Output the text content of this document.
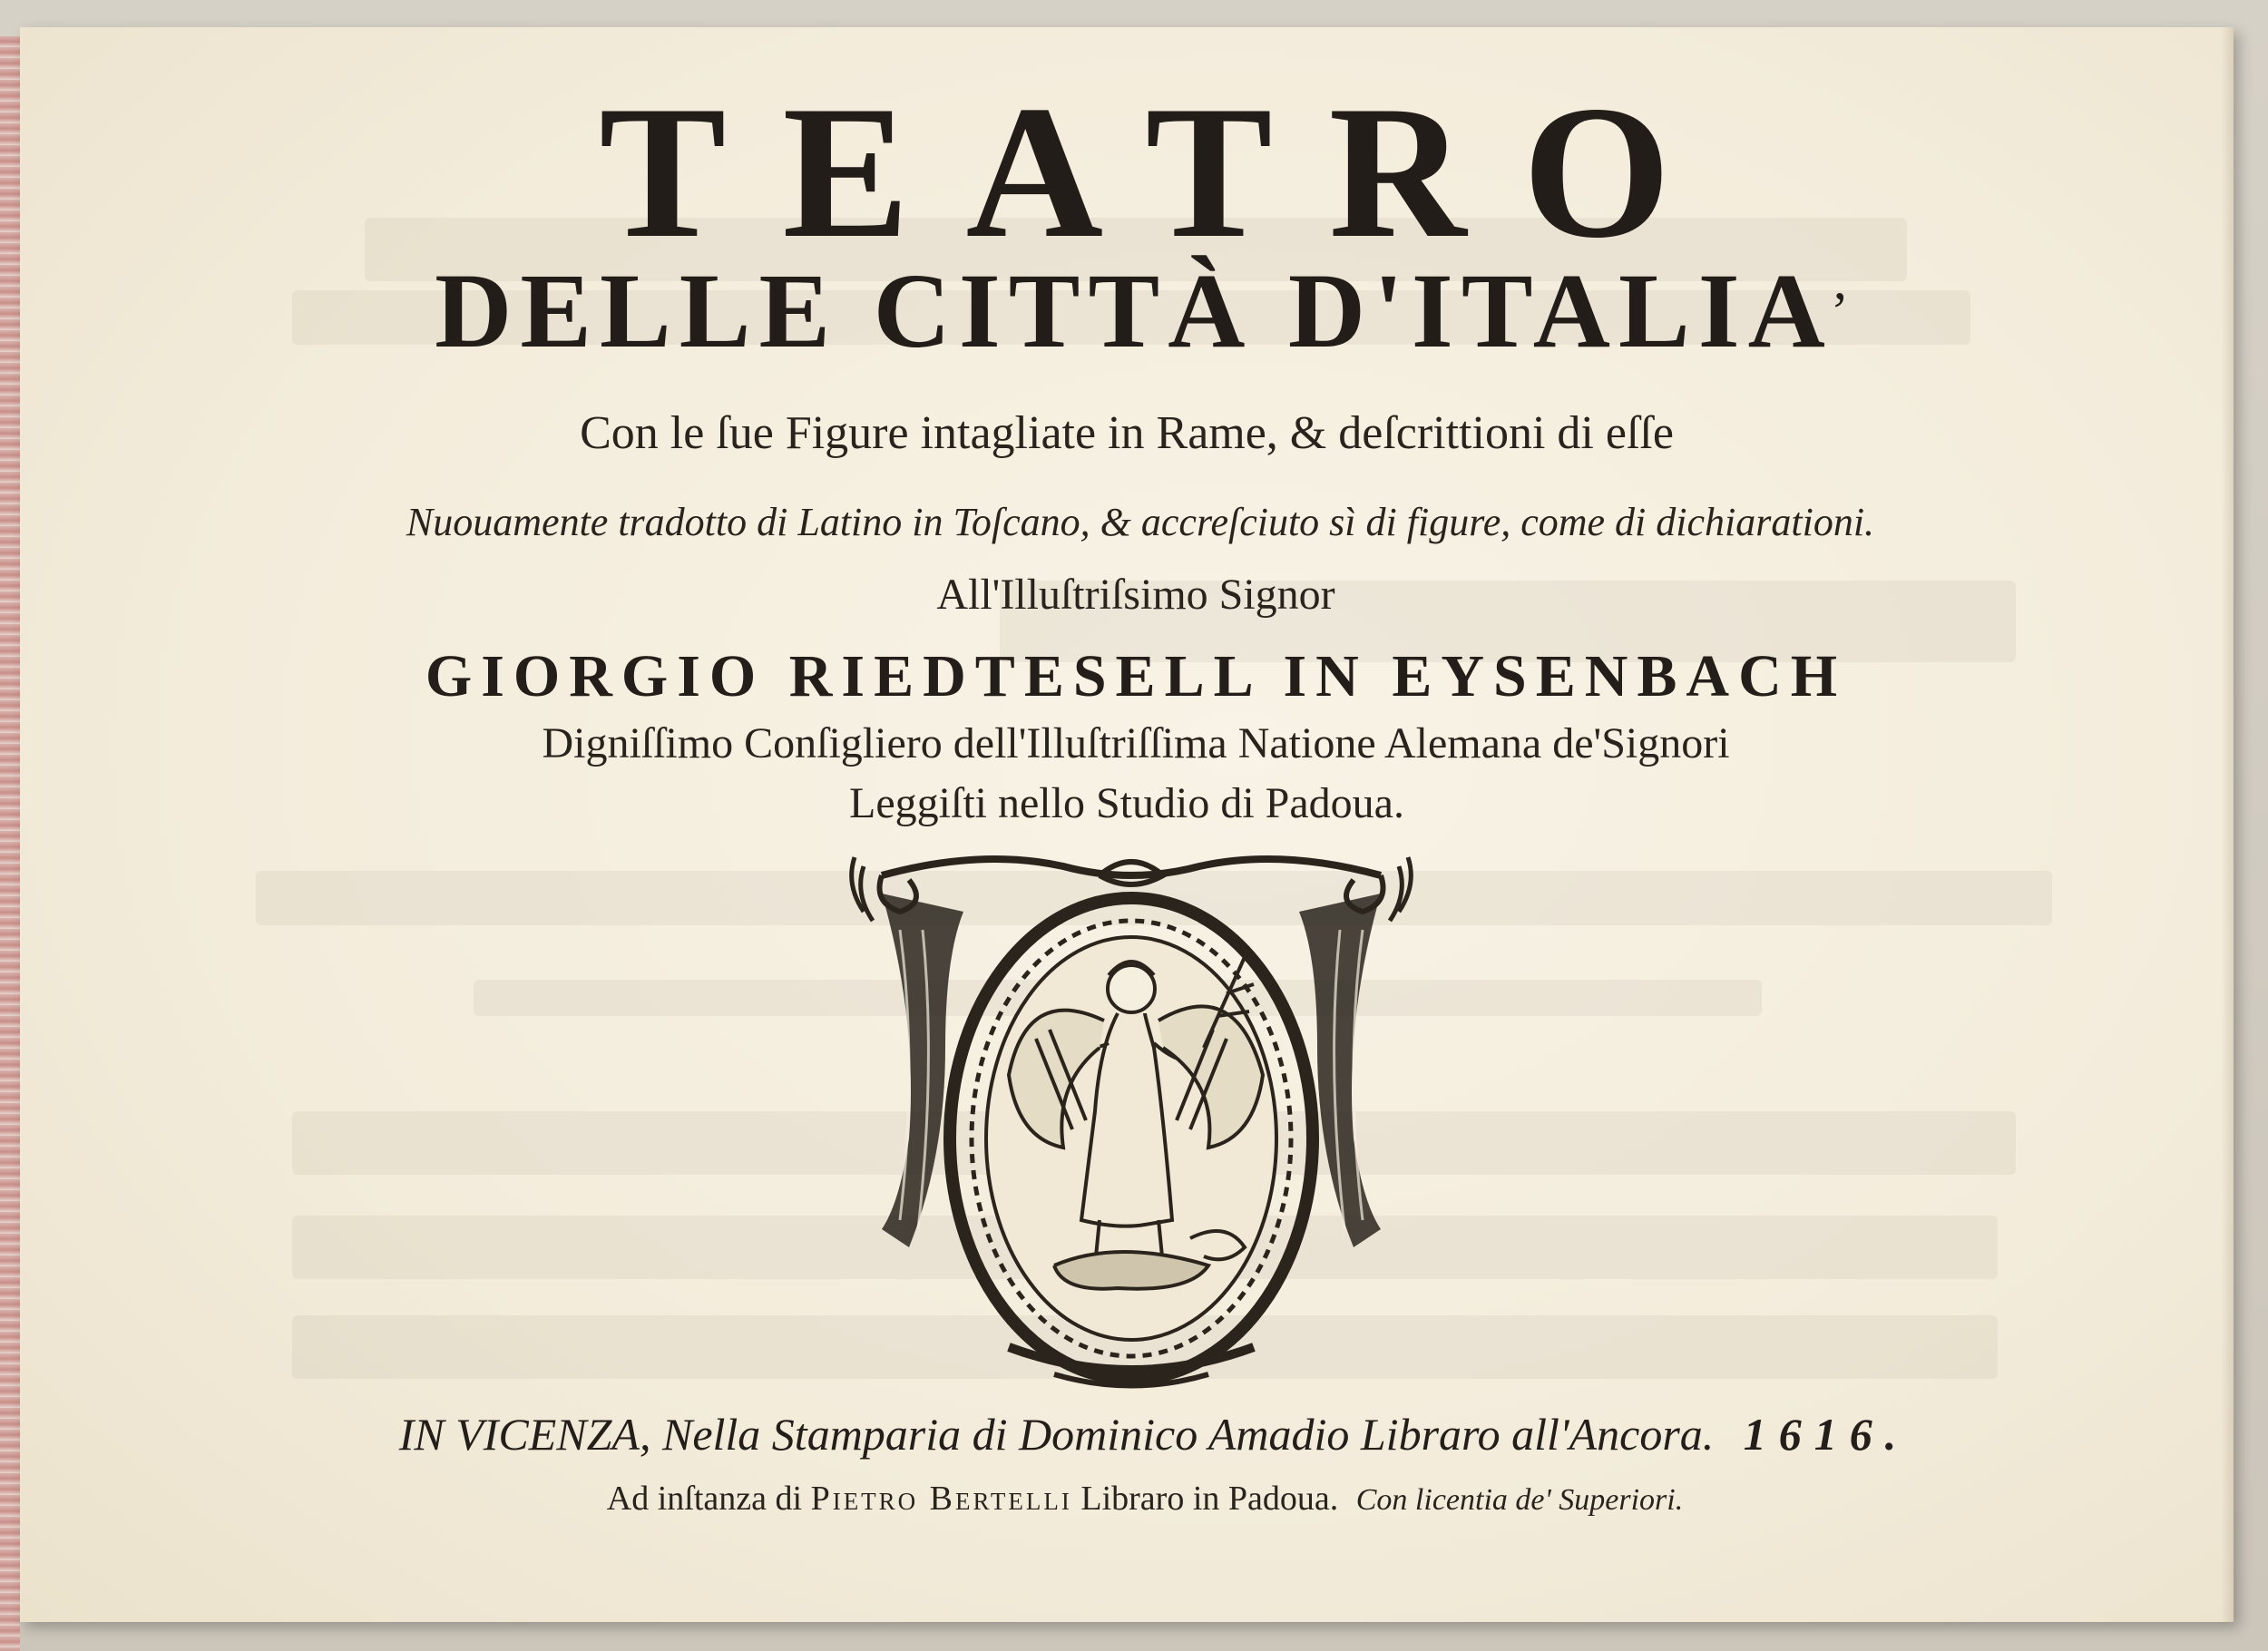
TEATRO
DELLE CITTÀ D'ITALIA,
Con le ſue Figure intagliate in Rame, & deſcrittioni di eſſe
Nuouamente tradotto di Latino in Toſcano, & accreſciuto sì di figure, come di dichiarationi.
All'Illuſtriſsimo Signor
GIORGIO RIEDTESELL IN EYSENBACH
Digniſſimo Conſigliero dell'Illuſtriſſima Natione Alemana de'Signori
Leggiſti nello Studio di Padoua.
IN VICENZA, Nella Stamparia di Dominico Amadio Libraro all'Ancora. 1616.
Ad inſtanza di Pietro Bertelli Libraro in Padoua. Con licentia de' Superiori.
